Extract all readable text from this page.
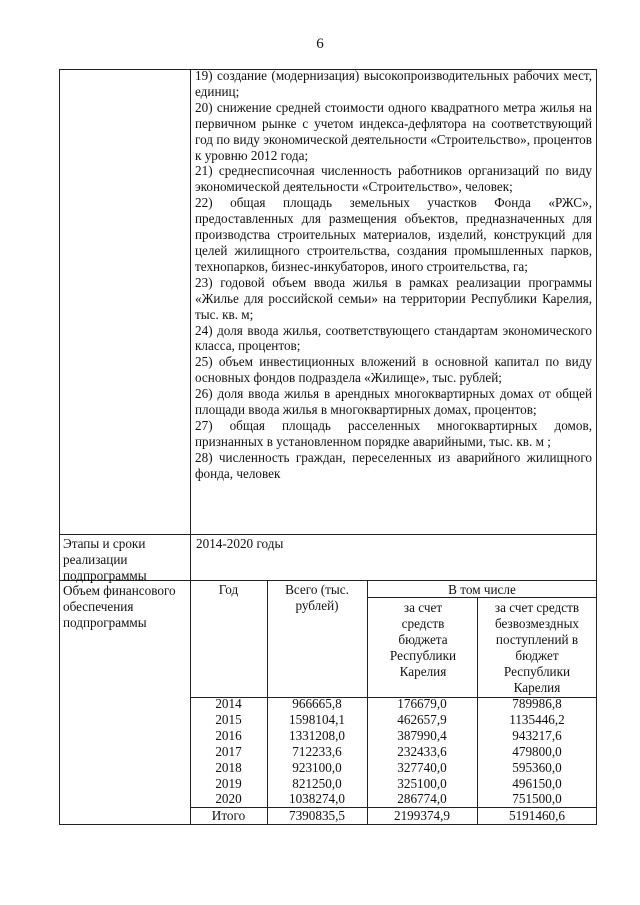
6

19) создание (модернизация) высокопроизводительных рабочих мест, единиц;

20) снижение средней стоимости одного квадратного метра жилья на первичном рынке с учетом индекса-дефлятора на соответствующий год по виду экономической деятельности «Строительство», процентов к уровню 2012 года;

21) среднесписочная численность работников организаций по виду экономической деятельности «Строительство», человек;

22) общая площадь земельных участков Фонда «РЖС», предоставленных для размещения объектов, предназначенных для производства строительных материалов, изделий, конструкций для целей жилищного строительства, создания промышленных парков, технопарков, бизнес-инкубаторов, иного строительства, га;

23) годовой объем ввода жилья в рамках реализации программы «Жилье для российской семьи» на территории Республики Карелия, тыс. кв. м;

24) доля ввода жилья, соответствующего стандартам экономического класса, процентов;

25) объем инвестиционных вложений в основной капитал по виду основных фондов подраздела «Жилище», тыс. рублей;

26) доля ввода жилья в арендных многоквартирных домах от общей площади ввода жилья в многоквартирных домах, процентов;

27) общая площадь расселенных многоквартирных домов, признанных в установленном порядке аварийными, тыс. кв. м ;

28) численность граждан, переселенных из аварийного жилищного фонда, человек

Этапы и сроки реализации подпрограммы
2014-2020 годы
Объем финансового обеспечения подпрограммы
Год	Всего (тыс. рублей)
В том числе
за счет средств бюджета Республики Карелия
за счет средств безвозмездных поступлений в бюджет Республики Карелия
2014	966665,8	176679,0	789986,8
2015	1598104,1	462657,9	1135446,2
2016	1331208,0	387990,4	943217,6
2017	712233,6	232433,6	479800,0
2018	923100,0	327740,0	595360,0
2019	821250,0	325100,0	496150,0
2020	1038274,0	286774,0	751500,0
Итого	7390835,5	2199374,9	5191460,6
